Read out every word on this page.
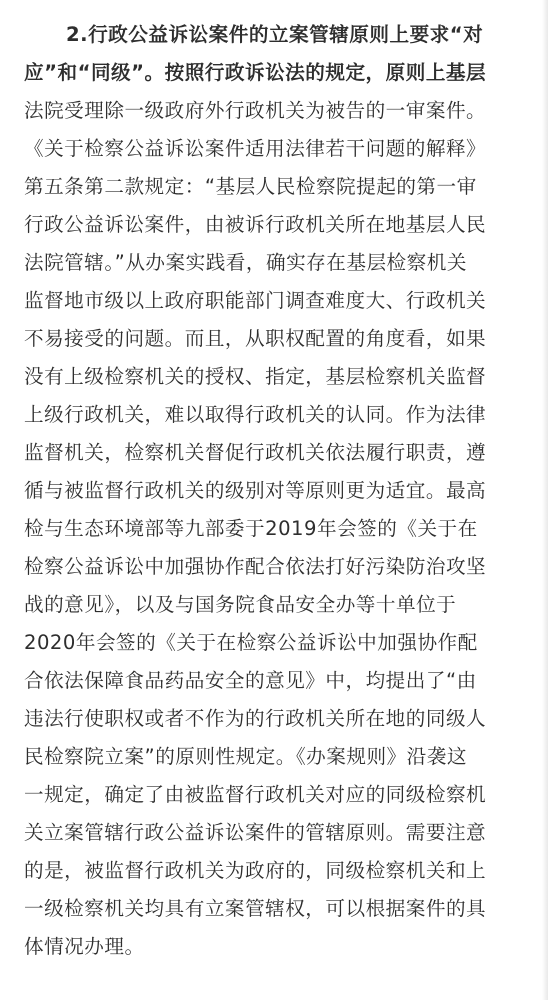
2.行政公益诉讼案件的立案管辖原则上要求“对

应”和“同级”。按照行政诉讼法的规定，原则上基层

法院受理除一级政府外行政机关为被告的一审案件。

《关于检察公益诉讼案件适用法律若干问题的解释》

第五条第二款规定：“基层人民检察院提起的第一审

行政公益诉讼案件，由被诉行政机关所在地基层人民

法院管辖。”从办案实践看，确实存在基层检察机关

监督地市级以上政府职能部门调查难度大、行政机关

不易接受的问题。而且，从职权配置的角度看，如果

没有上级检察机关的授权、指定，基层检察机关监督

上级行政机关，难以取得行政机关的认同。作为法律

监督机关，检察机关督促行政机关依法履行职责，遵

循与被监督行政机关的级别对等原则更为适宜。最高

检与生态环境部等九部委于2019年会签的《关于在

检察公益诉讼中加强协作配合依法打好污染防治攻坚

战的意见》，以及与国务院食品安全办等十单位于

2020年会签的《关于在检察公益诉讼中加强协作配

合依法保障食品药品安全的意见》中，均提出了“由

违法行使职权或者不作为的行政机关所在地的同级人

民检察院立案”的原则性规定。《办案规则》沿袭这

一规定，确定了由被监督行政机关对应的同级检察机

关立案管辖行政公益诉讼案件的管辖原则。需要注意

的是，被监督行政机关为政府的，同级检察机关和上

一级检察机关均具有立案管辖权，可以根据案件的具

体情况办理。
